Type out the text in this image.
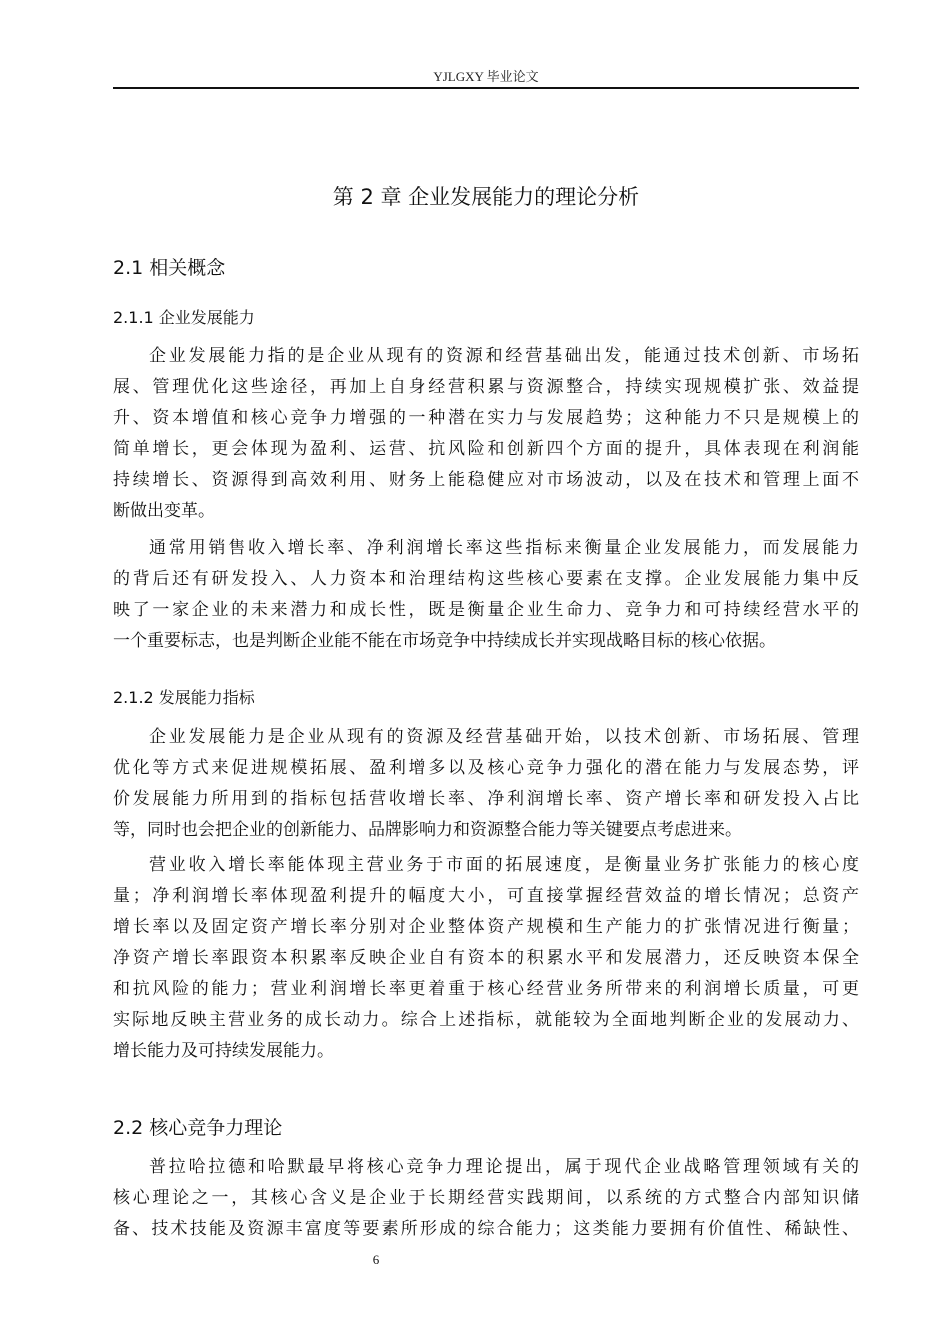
YJLGXY 毕业论文
第 2 章 企业发展能力的理论分析
2.1 相关概念
2.1.1 企业发展能力
企业发展能力指的是企业从现有的资源和经营基础出发，能通过技术创新、市场拓
展、管理优化这些途径，再加上自身经营积累与资源整合，持续实现规模扩张、效益提
升、资本增值和核心竞争力增强的一种潜在实力与发展趋势；这种能力不只是规模上的
简单增长，更会体现为盈利、运营、抗风险和创新四个方面的提升，具体表现在利润能
持续增长、资源得到高效利用、财务上能稳健应对市场波动，以及在技术和管理上面不
断做出变革。
通常用销售收入增长率、净利润增长率这些指标来衡量企业发展能力，而发展能力
的背后还有研发投入、人力资本和治理结构这些核心要素在支撑。企业发展能力集中反
映了一家企业的未来潜力和成长性，既是衡量企业生命力、竞争力和可持续经营水平的
一个重要标志，也是判断企业能不能在市场竞争中持续成长并实现战略目标的核心依据。
2.1.2 发展能力指标
企业发展能力是企业从现有的资源及经营基础开始，以技术创新、市场拓展、管理
优化等方式来促进规模拓展、盈利增多以及核心竞争力强化的潜在能力与发展态势，评
价发展能力所用到的指标包括营收增长率、净利润增长率、资产增长率和研发投入占比
等，同时也会把企业的创新能力、品牌影响力和资源整合能力等关键要点考虑进来。
营业收入增长率能体现主营业务于市面的拓展速度，是衡量业务扩张能力的核心度
量；净利润增长率体现盈利提升的幅度大小，可直接掌握经营效益的增长情况；总资产
增长率以及固定资产增长率分别对企业整体资产规模和生产能力的扩张情况进行衡量；
净资产增长率跟资本积累率反映企业自有资本的积累水平和发展潜力，还反映资本保全
和抗风险的能力；营业利润增长率更着重于核心经营业务所带来的利润增长质量，可更
实际地反映主营业务的成长动力。综合上述指标，就能较为全面地判断企业的发展动力、
增长能力及可持续发展能力。
2.2 核心竞争力理论
普拉哈拉德和哈默最早将核心竞争力理论提出，属于现代企业战略管理领域有关的
核心理论之一，其核心含义是企业于长期经营实践期间，以系统的方式整合内部知识储
备、技术技能及资源丰富度等要素所形成的综合能力；这类能力要拥有价值性、稀缺性、
6
